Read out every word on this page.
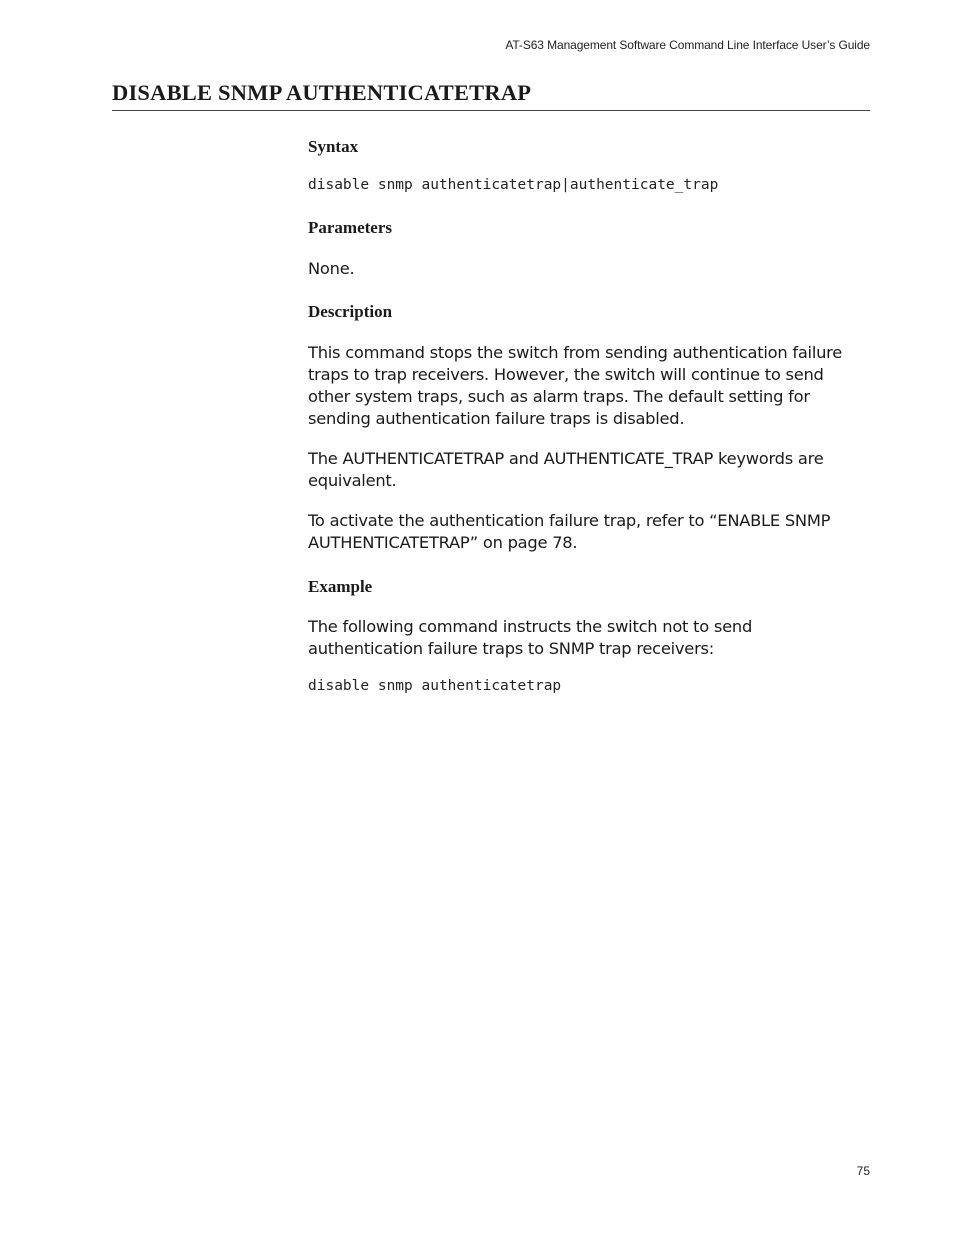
AT-S63 Management Software Command Line Interface User’s Guide
DISABLE SNMP AUTHENTICATETRAP
Syntax
disable snmp authenticatetrap|authenticate_trap
Parameters

None.

Description

This command stops the switch from sending authentication failure traps to trap receivers. However, the switch will continue to send other system traps, such as alarm traps. The default setting for sending authentication failure traps is disabled.

The AUTHENTICATETRAP and AUTHENTICATE_TRAP keywords are equivalent.

To activate the authentication failure trap, refer to “ENABLE SNMP AUTHENTICATETRAP” on page 78.

Example

The following command instructs the switch not to send authentication failure traps to SNMP trap receivers:

disable snmp authenticatetrap
75
